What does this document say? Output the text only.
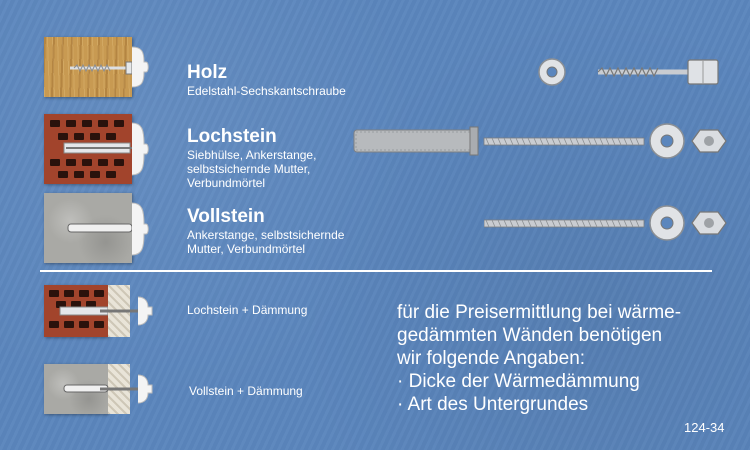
Holz
Edelstahl-Sechskantschraube
Lochstein
Siebhülse, Ankerstange,
selbstsichernde Mutter,
Verbundmörtel
Vollstein
Ankerstange, selbstsichernde
Mutter, Verbundmörtel
Lochstein + Dämmung
Vollstein + Dämmung
für die Preisermittlung bei wärme-
gedämmten Wänden benötigen
wir folgende Angaben:
· Dicke der Wärmedämmung
· Art des Untergrundes
124-34
